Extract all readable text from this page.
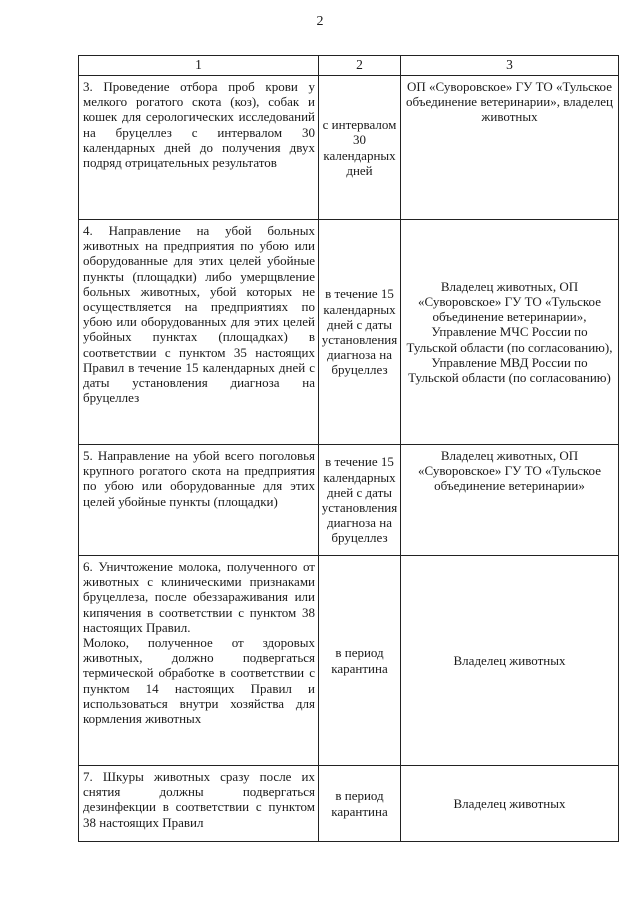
2
1	2	3

3. Проведение отбора проб крови у мелкого рогатого скота (коз), собак и кошек для серологических исследований на бруцеллез с интервалом 30 календарных дней до получения двух подряд отрицательных результатов	с интервалом 30 календарных дней	ОП «Суворовское» ГУ ТО «Тульское объединение ветеринарии», владелец животных

4. Направление на убой больных животных на предприятия по убою или оборудованные для этих целей убойные пункты (площадки) либо умерщвление больных животных, убой которых не осуществляется на предприятиях по убою или оборудованных для этих целей убойных пунктах (площадках) в соответствии с пунктом 35 настоящих Правил в течение 15 календарных дней с даты установления диагноза на бруцеллез	в течение 15 календарных дней с даты установления диагноза на бруцеллез	Владелец животных, ОП «Суворовское» ГУ ТО «Тульское объединение ветеринарии», Управление МЧС России по Тульской области (по согласованию), Управление МВД России по Тульской области (по согласованию)

5. Направление на убой всего поголовья крупного рогатого скота на предприятия по убою или оборудованные для этих целей убойные пункты (площадки)	в течение 15 календарных дней с даты установления диагноза на бруцеллез	Владелец животных, ОП «Суворовское» ГУ ТО «Тульское объединение ветеринарии»

6. Уничтожение молока, полученного от животных с клиническими признаками бруцеллеза, после обеззараживания или кипячения в соответствии с пунктом 38 настоящих Правил.

Молоко, полученное от здоровых животных, должно подвергаться термической обработке в соответствии с пунктом 14 настоящих Правил и использоваться внутри хозяйства для кормления животных	в период карантина	Владелец животных

7. Шкуры животных сразу после их снятия должны подвергаться дезинфекции в соответствии с пунктом 38 настоящих Правил	в период карантина	Владелец животных
